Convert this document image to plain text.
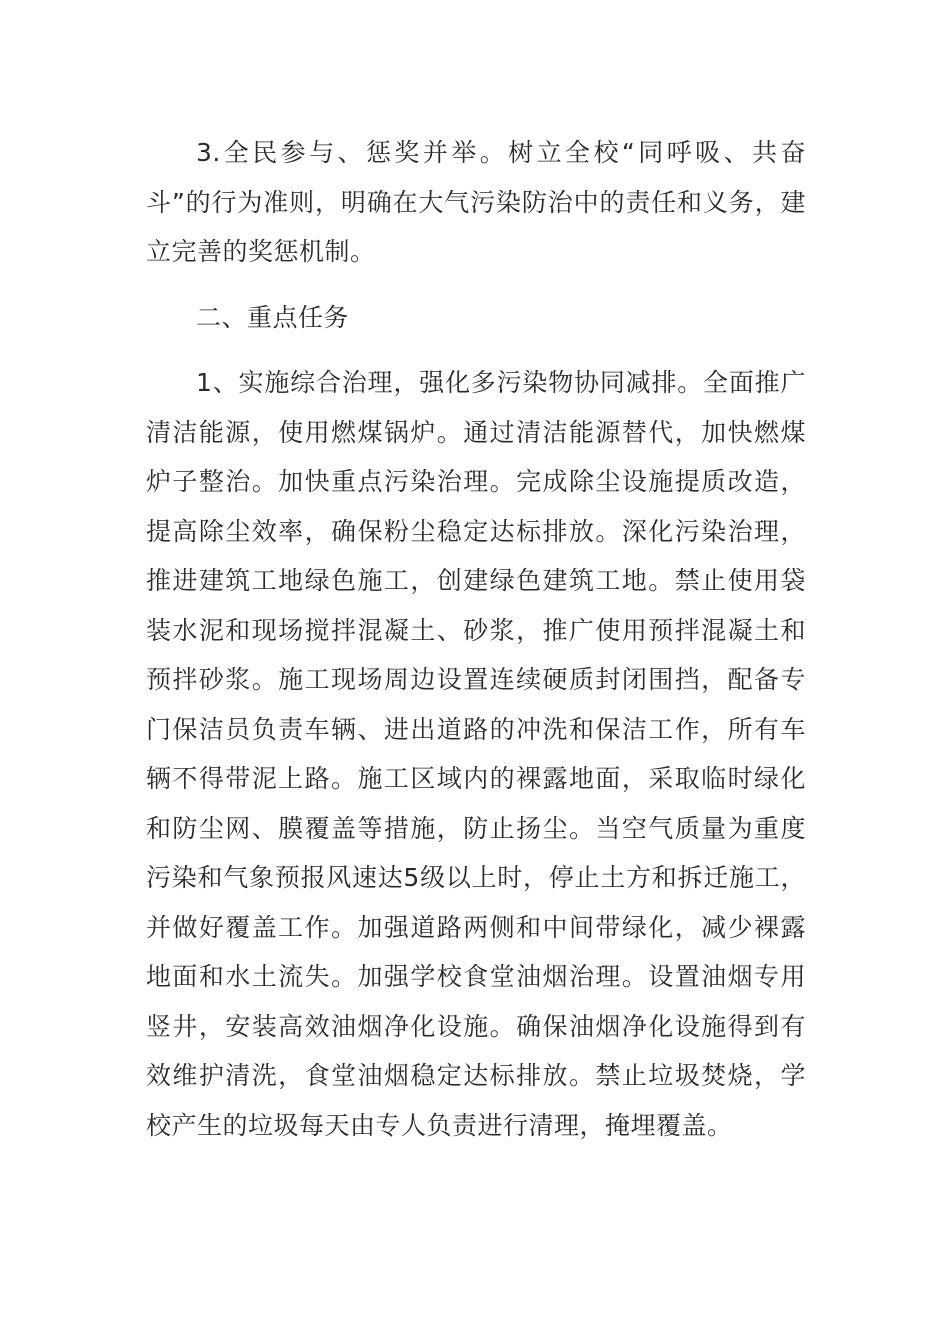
3.全民参与、惩奖并举。树立全校“同呼吸、共奋斗”的行为准则，明确在大气污染防治中的责任和义务，建立完善的奖惩机制。

二、重点任务

1、实施综合治理，强化多污染物协同减排。全面推广清洁能源，使用燃煤锅炉。通过清洁能源替代，加快燃煤炉子整治。加快重点污染治理。完成除尘设施提质改造，提高除尘效率，确保粉尘稳定达标排放。深化污染治理，推进建筑工地绿色施工，创建绿色建筑工地。禁止使用袋装水泥和现场搅拌混凝土、砂浆，推广使用预拌混凝土和预拌砂浆。施工现场周边设置连续硬质封闭围挡，配备专门保洁员负责车辆、进出道路的冲洗和保洁工作，所有车辆不得带泥上路。施工区域内的裸露地面，采取临时绿化和防尘网、膜覆盖等措施，防止扬尘。当空气质量为重度污染和气象预报风速达5级以上时，停止土方和拆迁施工，并做好覆盖工作。加强道路两侧和中间带绿化，减少裸露地面和水土流失。加强学校食堂油烟治理。设置油烟专用竖井，安装高效油烟净化设施。确保油烟净化设施得到有效维护清洗，食堂油烟稳定达标排放。禁止垃圾焚烧，学校产生的垃圾每天由专人负责进行清理，掩埋覆盖。
